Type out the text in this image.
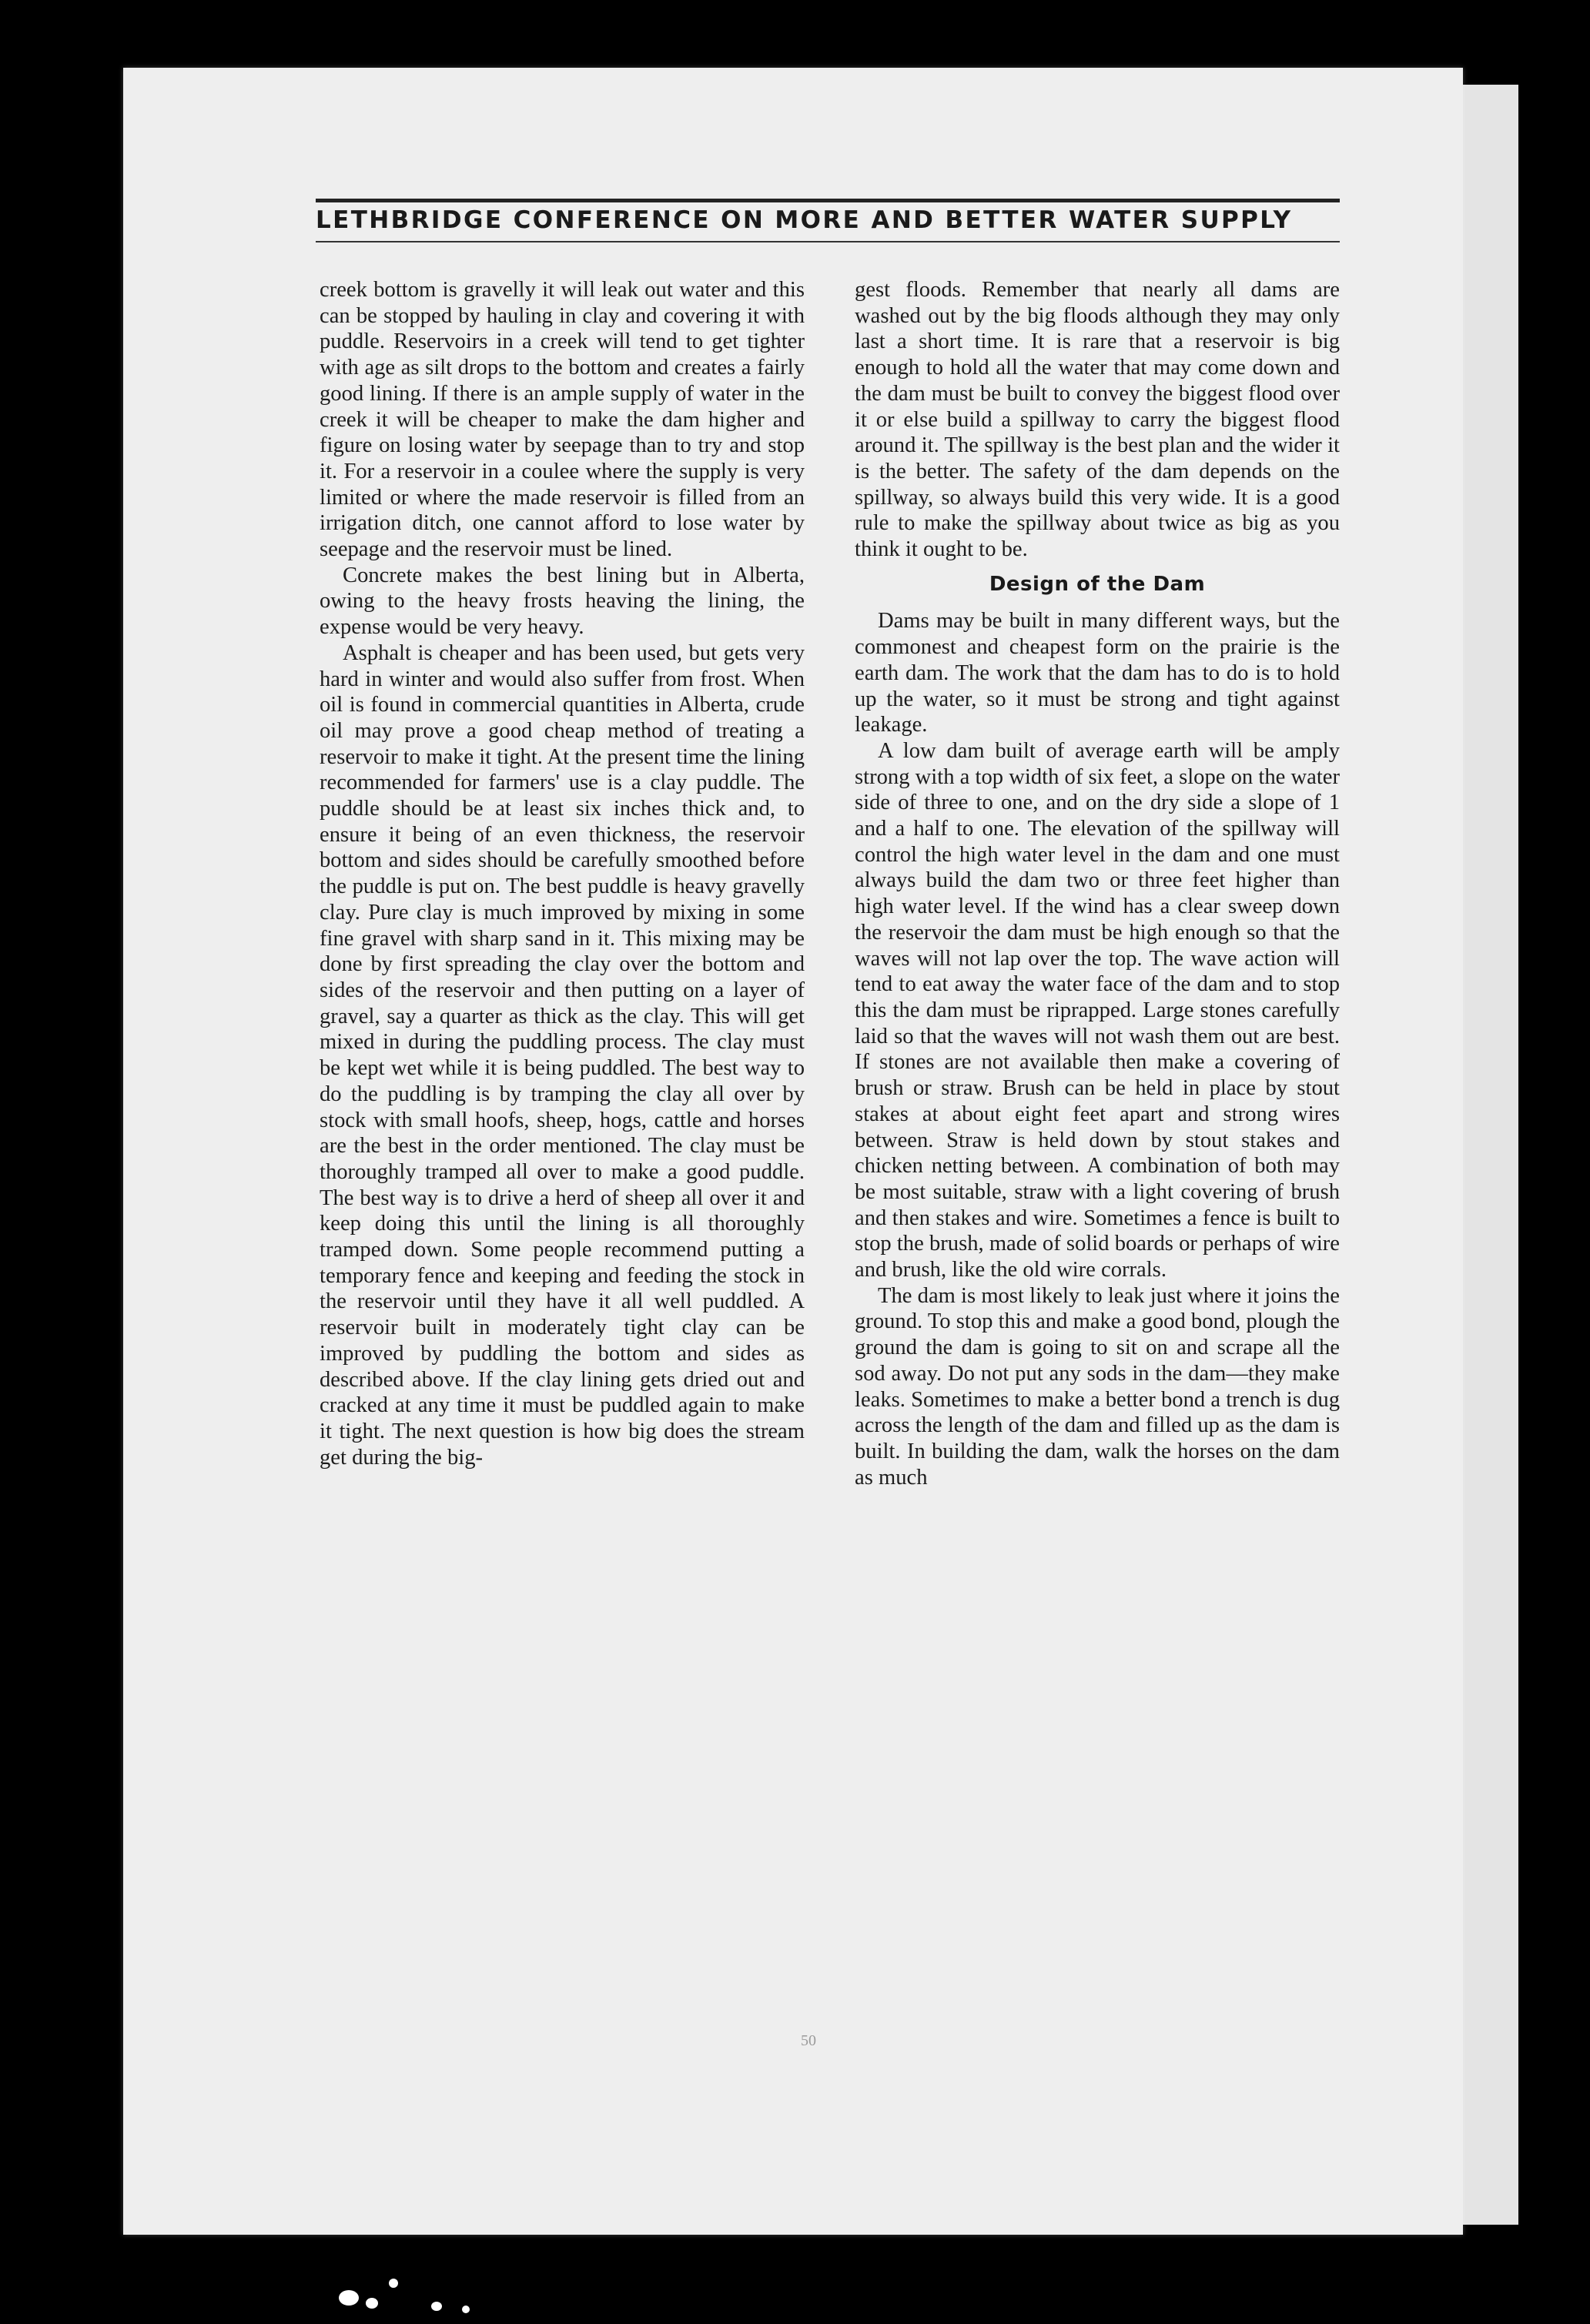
LETHBRIDGE CONFERENCE ON MORE AND BETTER WATER SUPPLY

creek bottom is gravelly it will leak out water and this can be stopped by hauling in clay and covering it with puddle. Reservoirs in a creek will tend to get tighter with age as silt drops to the bottom and creates a fairly good lining. If there is an ample supply of water in the creek it will be cheaper to make the dam higher and figure on losing water by seepage than to try and stop it. For a reservoir in a coulee where the supply is very limited or where the made reservoir is filled from an irrigation ditch, one cannot afford to lose water by seepage and the reservoir must be lined.

Concrete makes the best lining but in Alberta, owing to the heavy frosts heaving the lining, the expense would be very heavy.

Asphalt is cheaper and has been used, but gets very hard in winter and would also suffer from frost. When oil is found in commercial quantities in Alberta, crude oil may prove a good cheap method of treating a reservoir to make it tight. At the present time the lining recommended for farmers' use is a clay puddle. The puddle should be at least six inches thick and, to ensure it being of an even thickness, the reservoir bottom and sides should be carefully smoothed before the puddle is put on. The best puddle is heavy gravelly clay. Pure clay is much improved by mixing in some fine gravel with sharp sand in it. This mixing may be done by first spreading the clay over the bottom and sides of the reservoir and then putting on a layer of gravel, say a quarter as thick as the clay. This will get mixed in during the puddling process. The clay must be kept wet while it is being puddled. The best way to do the puddling is by tramping the clay all over by stock with small hoofs, sheep, hogs, cattle and horses are the best in the order mentioned. The clay must be thoroughly tramped all over to make a good puddle. The best way is to drive a herd of sheep all over it and keep doing this until the lining is all thoroughly tramped down. Some people recommend putting a temporary fence and keeping and feeding the stock in the reservoir until they have it all well puddled. A reservoir built in moderately tight clay can be improved by puddling the bottom and sides as described above. If the clay lining gets dried out and cracked at any time it must be puddled again to make it tight. The next question is how big does the stream get during the big-

gest floods. Remember that nearly all dams are washed out by the big floods although they may only last a short time. It is rare that a reservoir is big enough to hold all the water that may come down and the dam must be built to convey the biggest flood over it or else build a spillway to carry the biggest flood around it. The spillway is the best plan and the wider it is the better. The safety of the dam depends on the spillway, so always build this very wide. It is a good rule to make the spillway about twice as big as you think it ought to be.

Design of the Dam

Dams may be built in many different ways, but the commonest and cheapest form on the prairie is the earth dam. The work that the dam has to do is to hold up the water, so it must be strong and tight against leakage.

A low dam built of average earth will be amply strong with a top width of six feet, a slope on the water side of three to one, and on the dry side a slope of 1 and a half to one. The elevation of the spillway will control the high water level in the dam and one must always build the dam two or three feet higher than high water level. If the wind has a clear sweep down the reservoir the dam must be high enough so that the waves will not lap over the top. The wave action will tend to eat away the water face of the dam and to stop this the dam must be riprapped. Large stones carefully laid so that the waves will not wash them out are best. If stones are not available then make a covering of brush or straw. Brush can be held in place by stout stakes at about eight feet apart and strong wires between. Straw is held down by stout stakes and chicken netting between. A combination of both may be most suitable, straw with a light covering of brush and then stakes and wire. Sometimes a fence is built to stop the brush, made of solid boards or perhaps of wire and brush, like the old wire corrals.

The dam is most likely to leak just where it joins the ground. To stop this and make a good bond, plough the ground the dam is going to sit on and scrape all the sod away. Do not put any sods in the dam—they make leaks. Sometimes to make a better bond a trench is dug across the length of the dam and filled up as the dam is built. In building the dam, walk the horses on the dam as much

50
